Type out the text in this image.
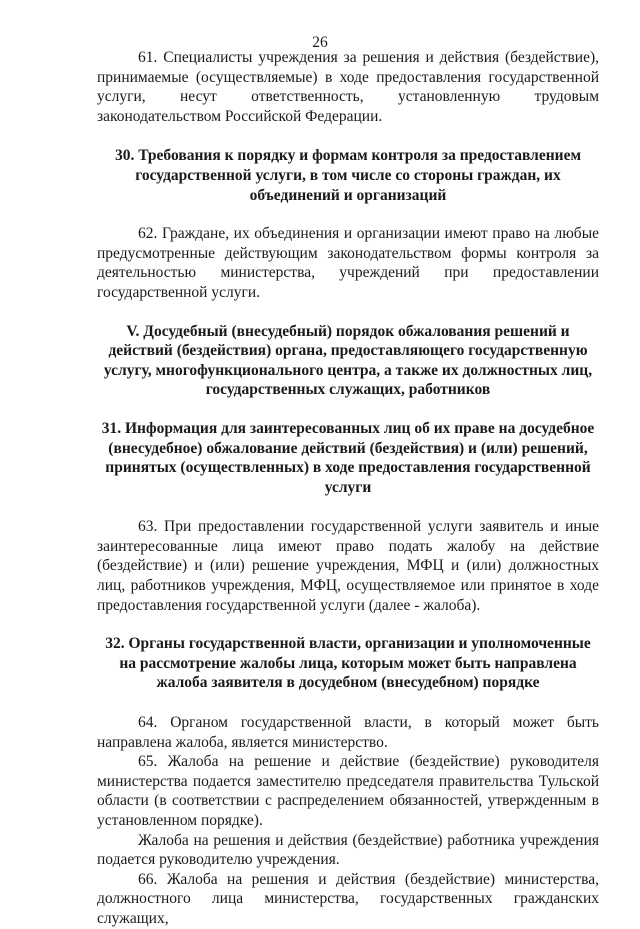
26

61. Специалисты учреждения за решения и действия (бездействие), принимаемые (осуществляемые) в ходе предоставления государственной услуги, несут ответственность, установленную трудовым законодательством Российской Федерации.

30. Требования к порядку и формам контроля за предоставлением государственной услуги, в том числе со стороны граждан, их объединений и организаций

62. Граждане, их объединения и организации имеют право на любые предусмотренные действующим законодательством формы контроля за деятельностью министерства, учреждений при предоставлении государственной услуги.

V. Досудебный (внесудебный) порядок обжалования решений и действий (бездействия) органа, предоставляющего государственную услугу, многофункционального центра, а также их должностных лиц, государственных служащих, работников

31. Информация для заинтересованных лиц об их праве на досудебное (внесудебное) обжалование действий (бездействия) и (или) решений, принятых (осуществленных) в ходе предоставления государственной услуги

63. При предоставлении государственной услуги заявитель и иные заинтересованные лица имеют право подать жалобу на действие (бездействие) и (или) решение учреждения, МФЦ и (или) должностных лиц, работников учреждения, МФЦ, осуществляемое или принятое в ходе предоставления государственной услуги (далее - жалоба).

32. Органы государственной власти, организации и уполномоченные на рассмотрение жалобы лица, которым может быть направлена жалоба заявителя в досудебном (внесудебном) порядке

64. Органом государственной власти, в который может быть направлена жалоба, является министерство.

65. Жалоба на решение и действие (бездействие) руководителя министерства подается заместителю председателя правительства Тульской области (в соответствии с распределением обязанностей, утвержденным в установленном порядке).

Жалоба на решения и действия (бездействие) работника учреждения подается руководителю учреждения.

66. Жалоба на решения и действия (бездействие) министерства, должностного лица министерства, государственных гражданских служащих,
